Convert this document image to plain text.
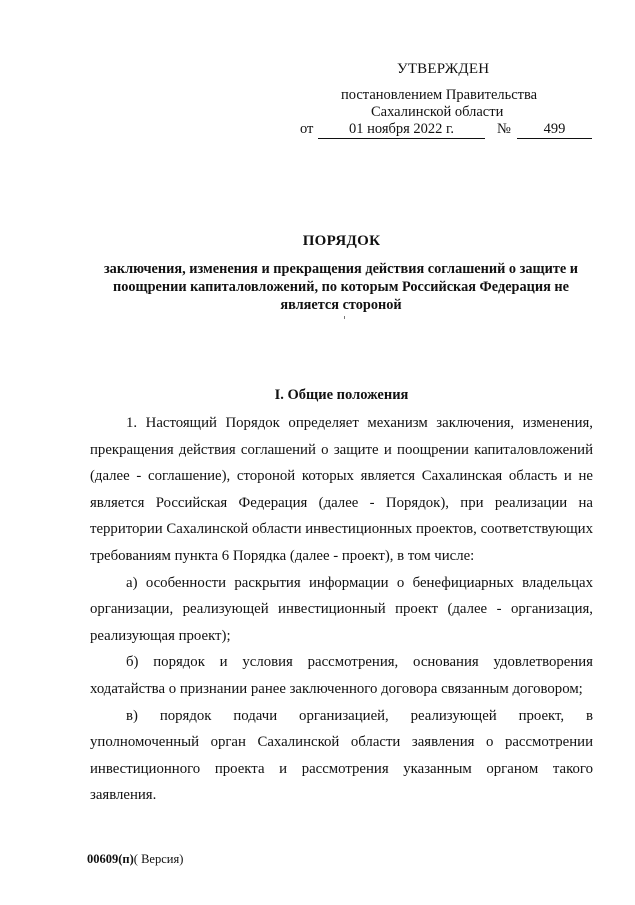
УТВЕРЖДЕН
постановлением Правительства
Сахалинской области
от	01 ноября 2022 г.	№	499
ПОРЯДОК
заключения, изменения и прекращения действия соглашений о защите и поощрении капиталовложений, по которым Российская Федерация не является стороной
I. Общие положения

1. Настоящий Порядок определяет механизм заключения, изменения, прекращения действия соглашений о защите и поощрении капиталовложений (далее - соглашение), стороной которых является Сахалинская область и не является Российская Федерация (далее - Порядок), при реализации на территории Сахалинской области инвестиционных проектов, соответствующих требованиям пункта 6 Порядка (далее - проект), в том числе:

а) особенности раскрытия информации о бенефициарных владельцах организации, реализующей инвестиционный проект (далее - организация, реализующая проект);

б) порядок и условия рассмотрения, основания удовлетворения ходатайства о признании ранее заключенного договора связанным договором;

в) порядок подачи организацией, реализующей проект, в уполномоченный орган Сахалинской области заявления о рассмотрении инвестиционного проекта и рассмотрения указанным органом такого заявления.

00609(п)( Версия)
